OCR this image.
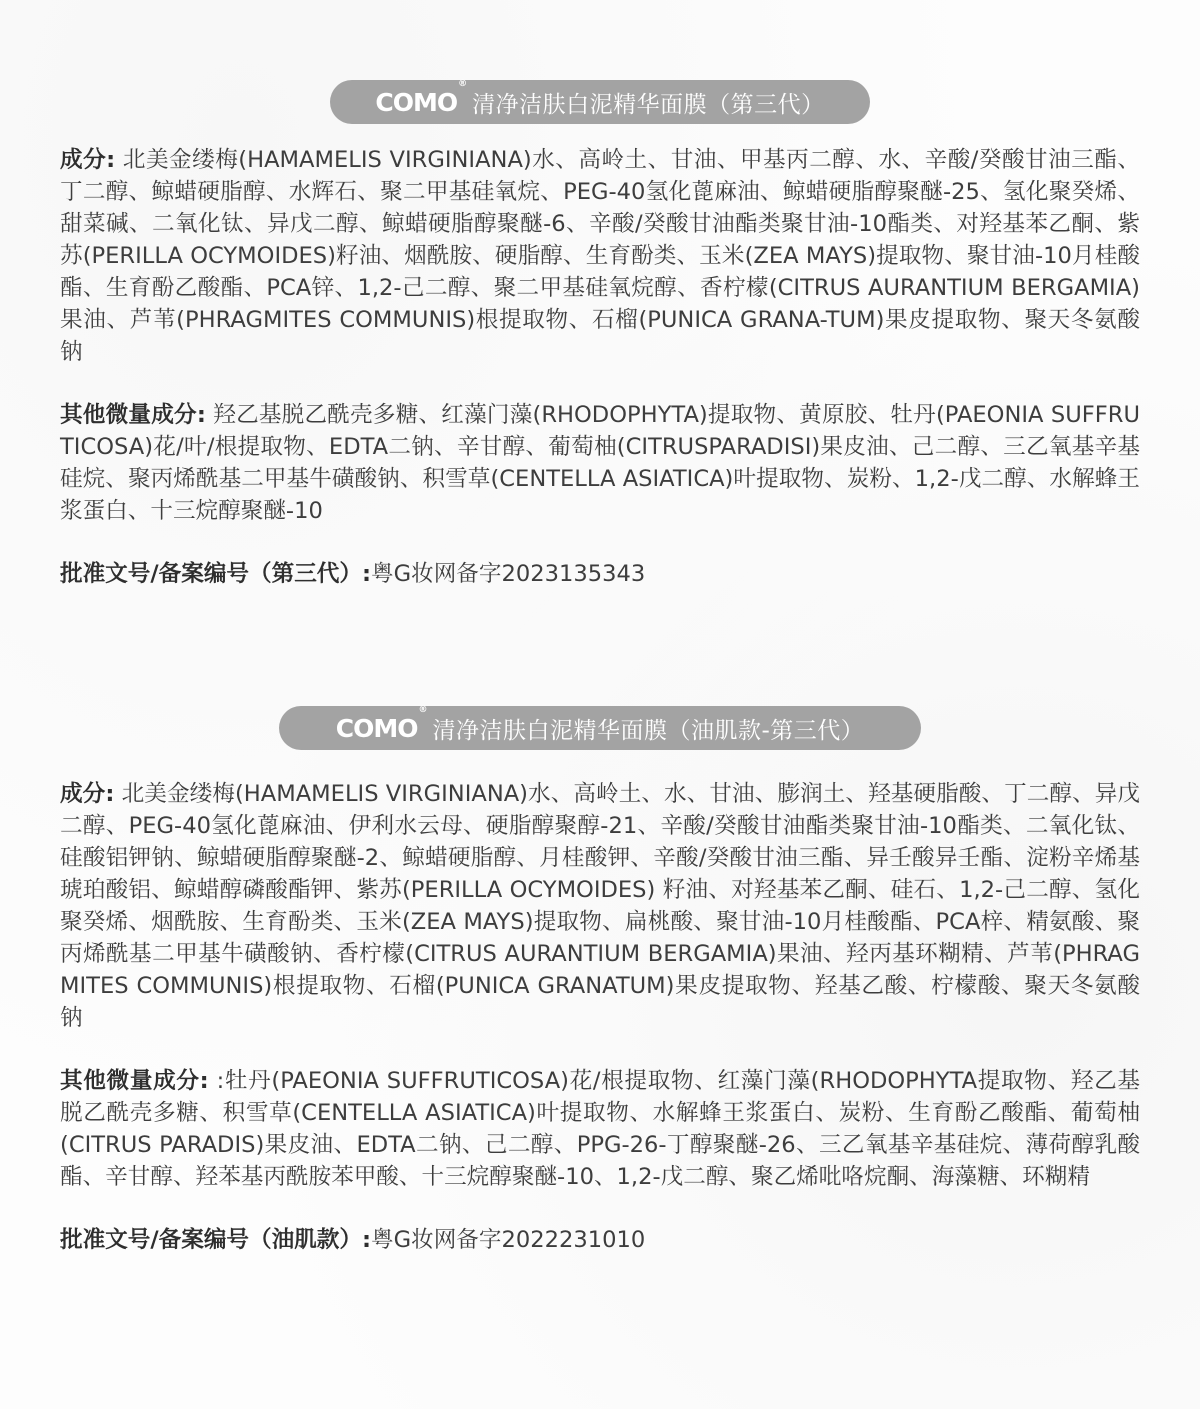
COMO
®
清净洁肤白泥精华面膜（第三代）

成分: 北美金缕梅(HAMAMELIS VIRGINIANA)水、高岭土、甘油、甲基丙二醇、水、辛酸/癸酸甘油三酯、丁二醇、鲸蜡硬脂醇、水辉石、聚二甲基硅氧烷、PEG-40氢化蓖麻油、鲸蜡硬脂醇聚醚-25、氢化聚癸烯、甜菜碱、二氧化钛、异戊二醇、鲸蜡硬脂醇聚醚-6、辛酸/癸酸甘油酯类聚甘油-10酯类、对羟基苯乙酮、紫苏(PERILLA OCYMOIDES)籽油、烟酰胺、硬脂醇、生育酚类、玉米(ZEA MAYS)提取物、聚甘油-10月桂酸酯、生育酚乙酸酯、PCA锌、1,2-己二醇、聚二甲基硅氧烷醇、香柠檬(CITRUS AURANTIUM BERGAMIA)果油、芦苇(PHRAGMITES COMMUNIS)根提取物、石榴(PUNICA GRANA-TUM)果皮提取物、聚天冬氨酸钠

其他微量成分: 羟乙基脱乙酰壳多糖、红藻门藻(RHODOPHYTA)提取物、黄原胶、牡丹(PAEONIA SUFFRUTICOSA)花/叶/根提取物、EDTA二钠、辛甘醇、葡萄柚(CITRUSPARADISI)果皮油、己二醇、三乙氧基辛基硅烷、聚丙烯酰基二甲基牛磺酸钠、积雪草(CENTELLA ASIATICA)叶提取物、炭粉、1,2-戊二醇、水解蜂王浆蛋白、十三烷醇聚醚-10

批准文号/备案编号（第三代）:粤G妆网备字2023135343

COMO
®
清净洁肤白泥精华面膜（油肌款-第三代）

成分: 北美金缕梅(HAMAMELIS VIRGINIANA)水、高岭土、水、甘油、膨润土、羟基硬脂酸、丁二醇、异戊二醇、PEG-40氢化蓖麻油、伊利水云母、硬脂醇聚醇-21、辛酸/癸酸甘油酯类聚甘油-10酯类、二氧化钛、硅酸铝钾钠、鲸蜡硬脂醇聚醚-2、鲸蜡硬脂醇、月桂酸钾、辛酸/癸酸甘油三酯、异壬酸异壬酯、淀粉辛烯基琥珀酸铝、鲸蜡醇磷酸酯钾、紫苏(PERILLA OCYMOIDES) 籽油、对羟基苯乙酮、硅石、1,2-己二醇、氢化聚癸烯、烟酰胺、生育酚类、玉米(ZEA MAYS)提取物、扁桃酸、聚甘油-10月桂酸酯、PCA梓、精氨酸、聚丙烯酰基二甲基牛磺酸钠、香柠檬(CITRUS AURANTIUM BERGAMIA)果油、羟丙基环糊精、芦苇(PHRAGMITES COMMUNIS)根提取物、石榴(PUNICA GRANATUM)果皮提取物、羟基乙酸、柠檬酸、聚天冬氨酸钠

其他微量成分: :牡丹(PAEONIA SUFFRUTICOSA)花/根提取物、红藻门藻(RHODOPHYTA提取物、羟乙基脱乙酰壳多糖、积雪草(CENTELLA ASIATICA)叶提取物、水解蜂王浆蛋白、炭粉、生育酚乙酸酯、葡萄柚(CITRUS PARADIS)果皮油、EDTA二钠、己二醇、PPG-26-丁醇聚醚-26、三乙氧基辛基硅烷、薄荷醇乳酸酯、辛甘醇、羟苯基丙酰胺苯甲酸、十三烷醇聚醚-10、1,2-戊二醇、聚乙烯吡咯烷酮、海藻糖、环糊精

批准文号/备案编号（油肌款）:粤G妆网备字2022231010
